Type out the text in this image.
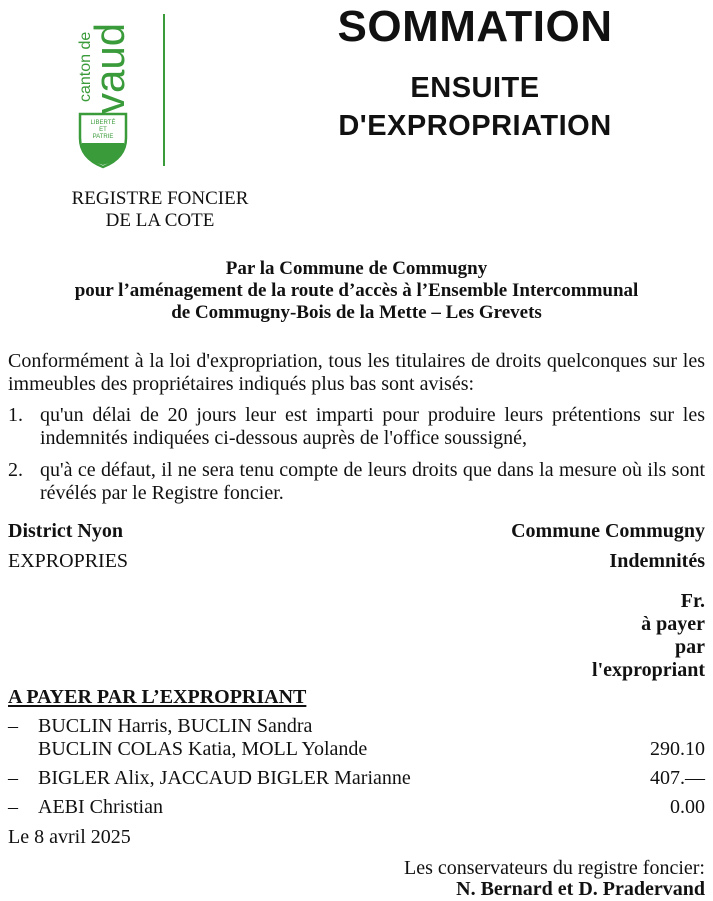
canton de
vaud
LIBERTÉ
ET
PATRIE
REGISTRE FONCIER
DE LA COTE
SOMMATION
ENSUITE
D'EXPROPRIATION
Par la Commune de Commugny
pour l’aménagement de la route d’accès à l’Ensemble Intercommunal
de Commugny-Bois de la Mette – Les Grevets
Conformément à la loi d'expropriation, tous les titulaires de droits quelconques sur les immeubles des propriétaires indiqués plus bas sont avisés:
1. qu'un délai de 20 jours leur est imparti pour produire leurs prétentions sur les indemnités indiquées ci-dessous auprès de l'office soussigné,
2. qu'à ce défaut, il ne sera tenu compte de leurs droits que dans la mesure où ils sont révélés par le Registre foncier.
District Nyon	Commune Commugny
EXPROPRIES	Indemnités
Fr.
à payer
par
l'expropriant
A PAYER PAR L’EXPROPRIANT
–	BUCLIN Harris, BUCLIN Sandra
BUCLIN COLAS Katia, MOLL Yolande	290.10
–	BIGLER Alix, JACCAUD BIGLER Marianne	407.—
–	AEBI Christian	0.00
Le 8 avril 2025
Les conservateurs du registre foncier:
N. Bernard et D. Pradervand
